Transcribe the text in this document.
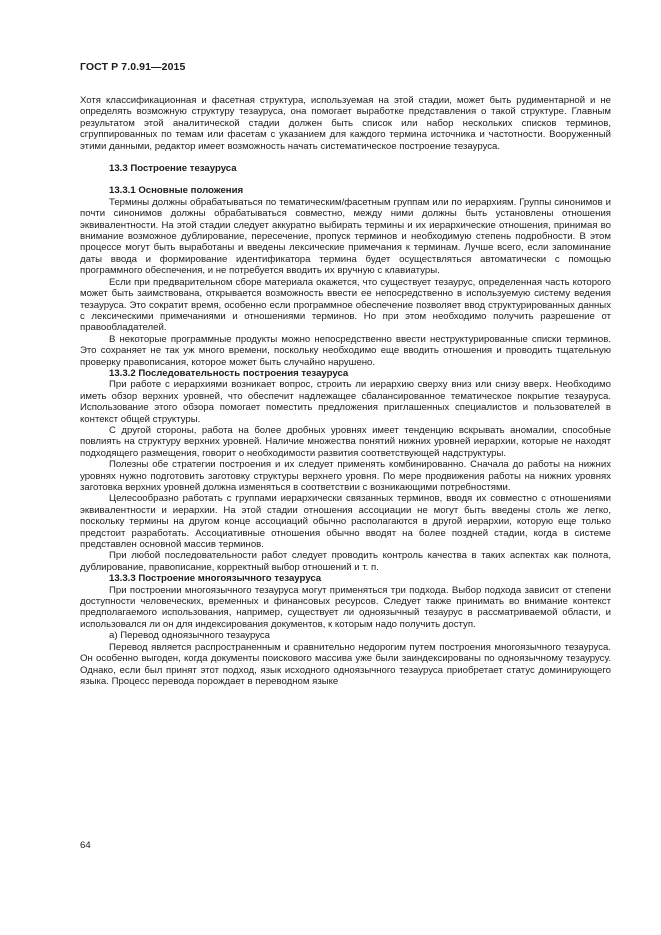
ГОСТ Р 7.0.91—2015

Хотя классификационная и фасетная структура, используемая на этой стадии, может быть рудиментарной и не определять возможную структуру тезауруса, она помогает выработке представления о такой структуре. Главным результатом этой аналитической стадии должен быть список или набор нескольких списков терминов, сгруппированных по темам или фасетам с указанием для каждого термина источника и частотности. Вооруженный этими данными, редактор имеет возможность начать систематическое построение тезауруса.

13.3 Построение тезауруса
13.3.1 Основные положения

Термины должны обрабатываться по тематическим/фасетным группам или по иерархиям. Группы синонимов и почти синонимов должны обрабатываться совместно, между ними должны быть установлены отношения эквивалентности. На этой стадии следует аккуратно выбирать термины и их иерархические отношения, принимая во внимание возможное дублирование, пересечение, пропуск терминов и необходимую степень подробности. В этом процессе могут быть выработаны и введены лексические примечания к терминам. Лучше всего, если запоминание даты ввода и формирование идентификатора термина будет осуществляться автоматически с помощью программного обеспечения, и не потребуется вводить их вручную с клавиатуры.

Если при предварительном сборе материала окажется, что существует тезаурус, определенная часть которого может быть заимствована, открывается возможность ввести ее непосредственно в используемую систему ведения тезауруса. Это сократит время, особенно если программное обеспечение позволяет ввод структурированных данных с лексическими примечаниями и отношениями терминов. Но при этом необходимо получить разрешение от правообладателей.

В некоторые программные продукты можно непосредственно ввести неструктурированные списки терминов. Это сохраняет не так уж много времени, поскольку необходимо еще вводить отношения и проводить тщательную проверку правописания, которое может быть случайно нарушено.

13.3.2 Последовательность построения тезауруса

При работе с иерархиями возникает вопрос, строить ли иерархию сверху вниз или снизу вверх. Необходимо иметь обзор верхних уровней, что обеспечит надлежащее сбалансированное тематическое покрытие тезауруса. Использование этого обзора помогает поместить предложения приглашенных специалистов и пользователей в контекст общей структуры.

С другой стороны, работа на более дробных уровнях имеет тенденцию вскрывать аномалии, способные повлиять на структуру верхних уровней. Наличие множества понятий нижних уровней иерархии, которые не находят подходящего размещения, говорит о необходимости развития соответствующей надструктуры.

Полезны обе стратегии построения и их следует применять комбинированно. Сначала до работы на нижних уровнях нужно подготовить заготовку структуры верхнего уровня. По мере продвижения работы на нижних уровнях заготовка верхних уровней должна изменяться в соответствии с возникающими потребностями.

Целесообразно работать с группами иерархически связанных терминов, вводя их совместно с отношениями эквивалентности и иерархии. На этой стадии отношения ассоциации не могут быть введены столь же легко, поскольку термины на другом конце ассоциаций обычно располагаются в другой иерархии, которую еще только предстоит разработать. Ассоциативные отношения обычно вводят на более поздней стадии, когда в системе представлен основной массив терминов.

При любой последовательности работ следует проводить контроль качества в таких аспектах как полнота, дублирование, правописание, корректный выбор отношений и т. п.

13.3.3 Построение многоязычного тезауруса

При построении многоязычного тезауруса могут применяться три подхода. Выбор подхода зависит от степени доступности человеческих, временных и финансовых ресурсов. Следует также принимать во внимание контекст предполагаемого использования, например, существует ли одноязычный тезаурус в рассматриваемой области, и использовался ли он для индексирования документов, к которым надо получить доступ.

а) Перевод одноязычного тезауруса

Перевод является распространенным и сравнительно недорогим путем построения многоязычного тезауруса. Он особенно выгоден, когда документы поискового массива уже были заиндексированы по одноязычному тезаурусу. Однако, если был принят этот подход, язык исходного одноязычного тезауруса приобретает статус доминирующего языка. Процесс перевода порождает в переводном языке

64
